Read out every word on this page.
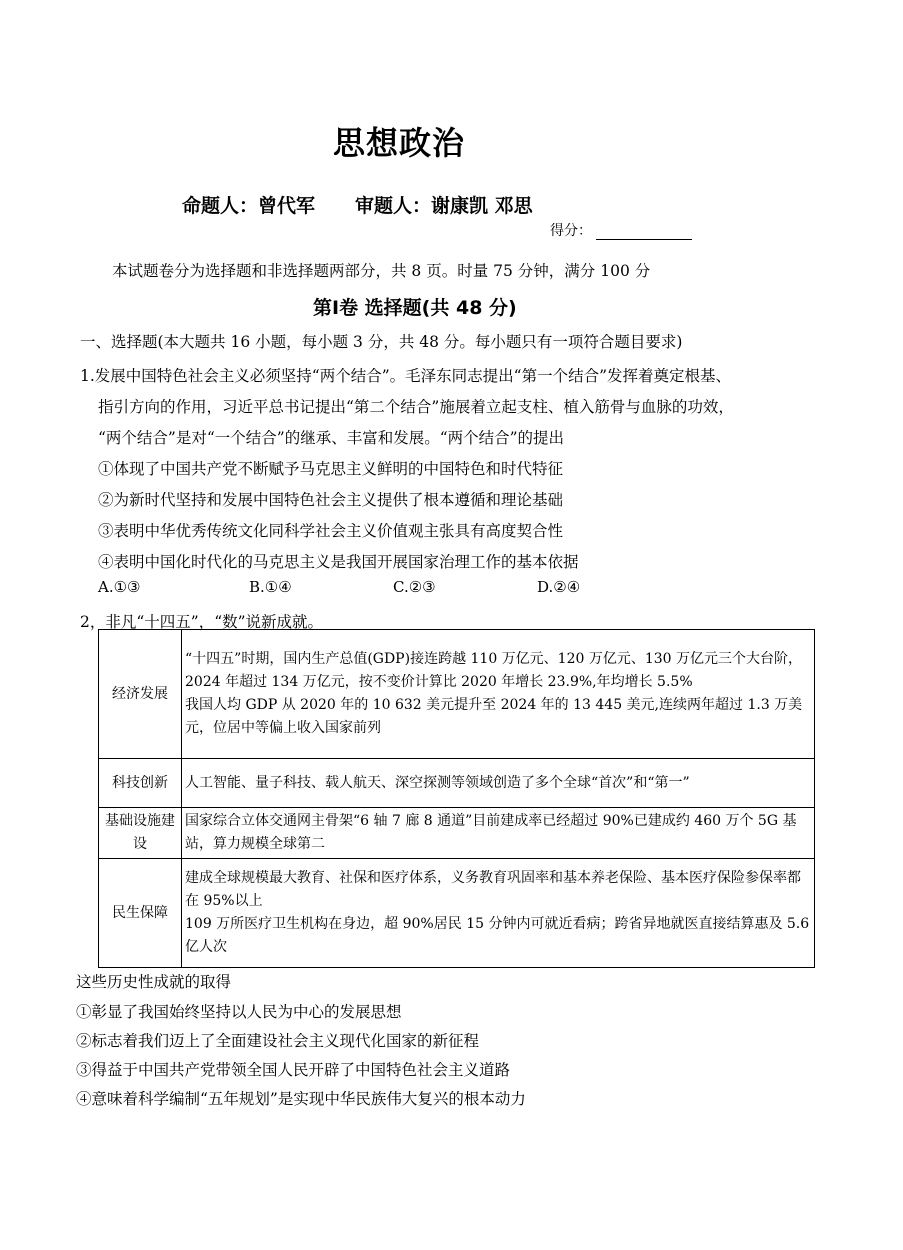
思想政治
命题人：曾代军 审题人：谢康凯 邓思
得分：
本试题卷分为选择题和非选择题两部分，共 8 页。时量 75 分钟，满分 100 分
第Ⅰ卷 选择题(共 48 分)
一、选择题(本大题共 16 小题，每小题 3 分，共 48 分。每小题只有一项符合题目要求)
1.发展中国特色社会主义必须坚持“两个结合”。毛泽东同志提出“第一个结合”发挥着奠定根基、
指引方向的作用，习近平总书记提出“第二个结合”施展着立起支柱、植入筋骨与血脉的功效，
“两个结合”是对“一个结合”的继承、丰富和发展。“两个结合”的提出
①体现了中国共产党不断赋予马克思主义鲜明的中国特色和时代特征
②为新时代坚持和发展中国特色社会主义提供了根本遵循和理论基础
③表明中华优秀传统文化同科学社会主义价值观主张具有高度契合性
④表明中国化时代化的马克思主义是我国开展国家治理工作的基本依据
A.①③	B.①④	C.②③	D.②④
2，非凡“十四五”，“数”说新成就。
经济发展	“十四五”时期，国内生产总值(GDP)接连跨越 110 万亿元、120 万亿元、130 万亿元三个大台阶，2024 年超过 134 万亿元，按不变价计算比 2020 年增长 23.9%,年均增长 5.5%
我国人均 GDP 从 2020 年的 10 632 美元提升至 2024 年的 13 445 美元,连续两年超过 1.3 万美元，位居中等偏上收入国家前列

科技创新	人工智能、量子科技、载人航天、深空探测等领域创造了多个全球“首次”和“第一”

基础设施建设	国家综合立体交通网主骨架“6 轴 7 廊 8 通道”目前建成率已经超过 90%已建成约 460 万个 5G 基站，算力规模全球第二

民生保障	建成全球规模最大教育、社保和医疗体系，义务教育巩固率和基本养老保险、基本医疗保险参保率都在 95%以上
109 万所医疗卫生机构在身边，超 90%居民 15 分钟内可就近看病；跨省异地就医直接结算惠及 5.6 亿人次
这些历史性成就的取得
①彰显了我国始终坚持以人民为中心的发展思想
②标志着我们迈上了全面建设社会主义现代化国家的新征程
③得益于中国共产党带领全国人民开辟了中国特色社会主义道路
④意味着科学编制“五年规划”是实现中华民族伟大复兴的根本动力
